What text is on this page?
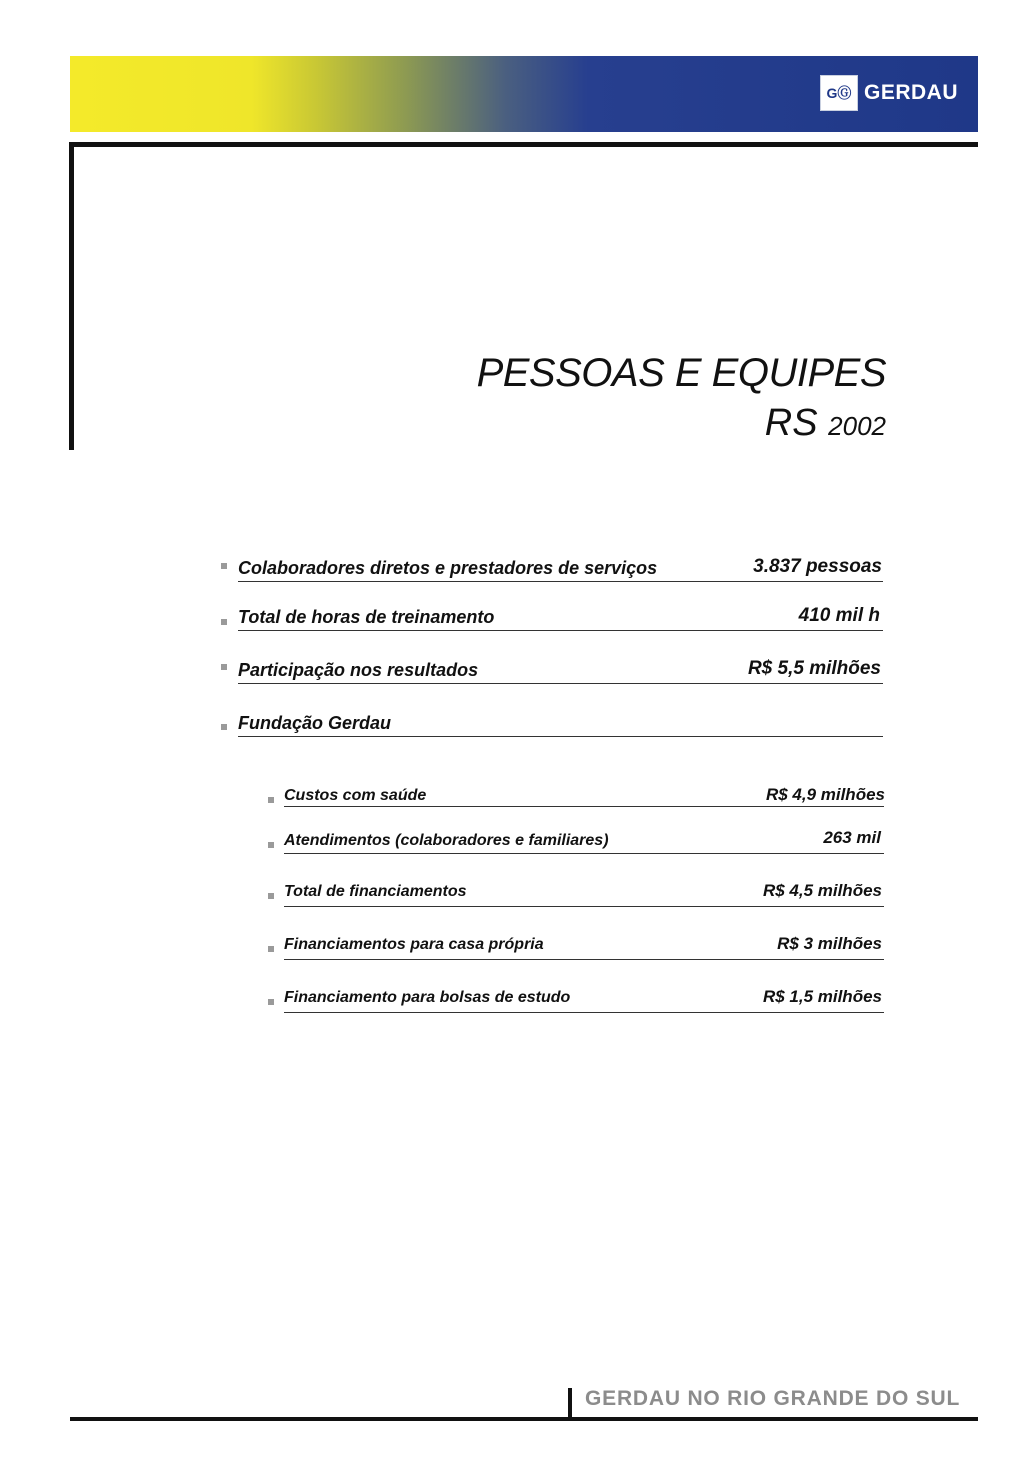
GⒼ GERDAU
PESSOAS E EQUIPES
RS 2002
Colaboradores diretos e prestadores de serviços	3.837 pessoas
Total de horas de treinamento	410 mil h
Participação nos resultados	R$ 5,5 milhões
Fundação Gerdau
Custos com saúde	R$ 4,9 milhões
Atendimentos (colaboradores e familiares)	263 mil
Total de financiamentos	R$ 4,5 milhões
Financiamentos para casa própria	R$ 3 milhões
Financiamento para bolsas de estudo	R$ 1,5 milhões
GERDAU NO RIO GRANDE DO SUL
